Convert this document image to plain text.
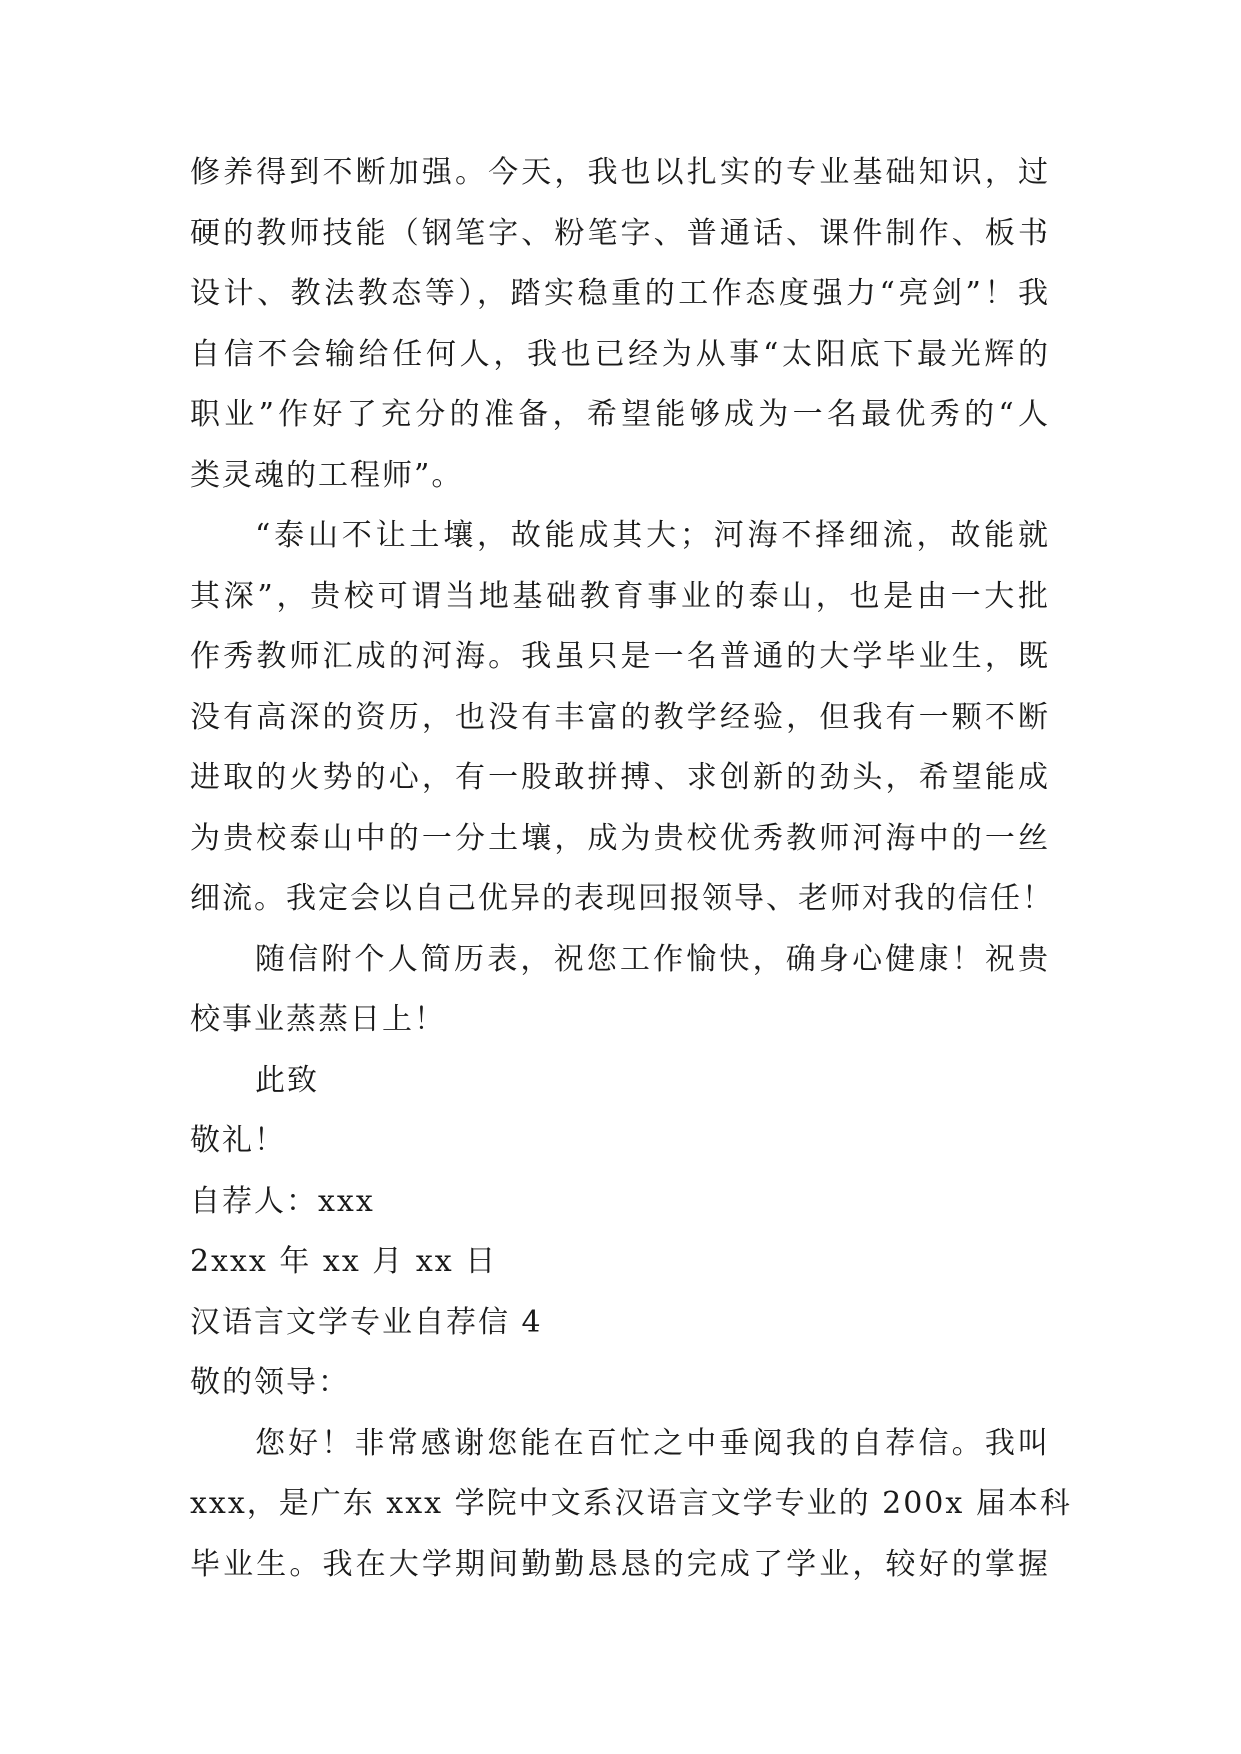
修养得到不断加强。今天，我也以扎实的专业基础知识，过
硬的教师技能（钢笔字、粉笔字、普通话、课件制作、板书
设计、教法教态等），踏实稳重的工作态度强力“亮剑”！我
自信不会输给任何人，我也已经为从事“太阳底下最光辉的
职业”作好了充分的准备，希望能够成为一名最优秀的“人
类灵魂的工程师”。
“泰山不让土壤，故能成其大；河海不择细流，故能就
其深”，贵校可谓当地基础教育事业的泰山，也是由一大批
作秀教师汇成的河海。我虽只是一名普通的大学毕业生，既
没有高深的资历，也没有丰富的教学经验，但我有一颗不断
进取的火势的心，有一股敢拼搏、求创新的劲头，希望能成
为贵校泰山中的一分土壤，成为贵校优秀教师河海中的一丝
细流。我定会以自己优异的表现回报领导、老师对我的信任！
随信附个人简历表，祝您工作愉快，确身心健康！祝贵
校事业蒸蒸日上！
此致
敬礼！
自荐人：xxx
2xxx 年 xx 月 xx 日
汉语言文学专业自荐信 4
敬的领导：
您好！非常感谢您能在百忙之中垂阅我的自荐信。我叫
xxx，是广东 xxx 学院中文系汉语言文学专业的 200x 届本科
毕业生。我在大学期间勤勤恳恳的完成了学业，较好的掌握
